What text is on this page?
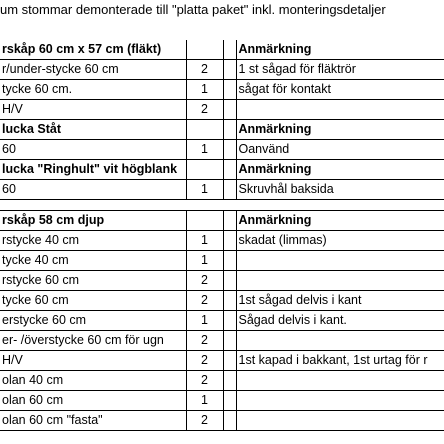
um stommar demonterade till "platta paket" inkl. monteringsdetaljer
rskåp 60 cm x 57 cm (fläkt)			Anmärkning
r/under-stycke 60 cm	2		1 st sågad för fläktrör
tycke 60 cm.	1		sågat för kontakt
H/V	2		
lucka Ståt			Anmärkning
60	1		Oanvänd
lucka "Ringhult" vit högblank			Anmärkning
60	1		Skruvhål baksida

rskåp 58 cm djup			Anmärkning
rstycke 40 cm	1		skadat (limmas)
tycke 40 cm	1		
rstycke 60 cm	2		
tycke 60 cm	2		1st sågad delvis i kant
erstycke 60 cm	1		Sågad delvis i kant.
er- /överstycke 60 cm för ugn	2		
H/V	2		1st kapad i bakkant, 1st urtag för r
olan 40 cm	2		
olan 60 cm	1		
olan 60 cm "fasta"	2		
